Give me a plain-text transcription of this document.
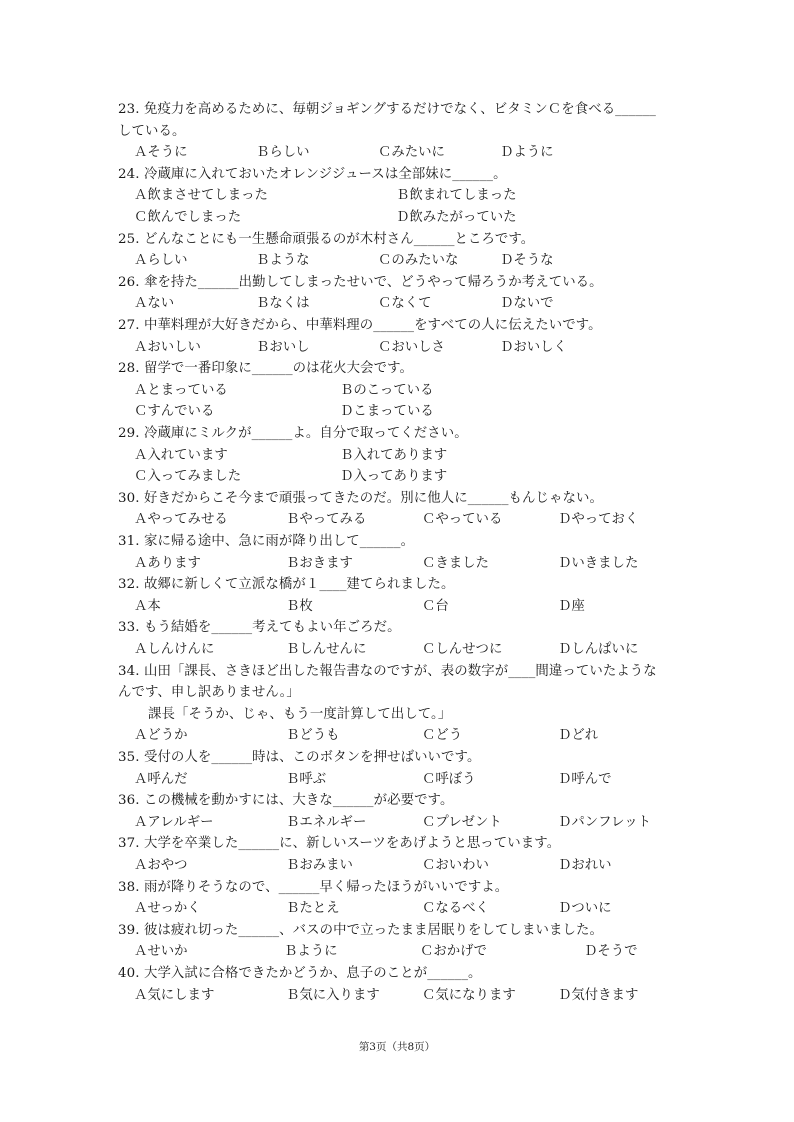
23. 免疫力を高めるために、毎朝ジョギングするだけでなく、ビタミンＣを食べる______
している。
Ａそうに	Ｂらしい	Ｃみたいに	Ｄように
24. 冷蔵庫に入れておいたオレンジジュースは全部妹に______。
Ａ飲まさせてしまった	Ｂ飲まれてしまった
Ｃ飲んでしまった	Ｄ飲みたがっていた
25. どんなことにも一生懸命頑張るのが木村さん______ところです。
Ａらしい	Ｂような	Ｃのみたいな	Ｄそうな
26. 傘を持た______出勤してしまったせいで、どうやって帰ろうか考えている。
Ａない	Ｂなくは	Ｃなくて	Ｄないで
27. 中華料理が大好きだから、中華料理の______をすべての人に伝えたいです。
Ａおいしい	Ｂおいし	Ｃおいしさ	Ｄおいしく
28. 留学で一番印象に______のは花火大会です。
Ａとまっている	Ｂのこっている
Ｃすんでいる	Ｄこまっている
29. 冷蔵庫にミルクが______よ。自分で取ってください。
Ａ入れています	Ｂ入れてあります
Ｃ入ってみました	Ｄ入ってあります
30. 好きだからこそ今まで頑張ってきたのだ。別に他人に______もんじゃない。
Ａやってみせる	Ｂやってみる	Ｃやっている	Ｄやっておく
31. 家に帰る途中、急に雨が降り出して______。
Ａあります	Ｂおきます	Ｃきました	Ｄいきました
32. 故郷に新しくて立派な橋が１____建てられました。
Ａ本	Ｂ枚	Ｃ台	Ｄ座
33. もう結婚を______考えてもよい年ごろだ。
Ａしんけんに	Ｂしんせんに	Ｃしんせつに	Ｄしんぱいに
34. 山田「課長、さきほど出した報告書なのですが、表の数字が____間違っていたような
んです、申し訳ありません。」
課長「そうか、じゃ、もう一度計算して出して。」
Ａどうか	Ｂどうも	Ｃどう	Ｄどれ
35. 受付の人を______時は、このボタンを押せばいいです。
Ａ呼んだ	Ｂ呼ぶ	Ｃ呼ぼう	Ｄ呼んで
36. この機械を動かすには、大きな______が必要です。
Ａアレルギー	Ｂエネルギー	Ｃプレゼント	Ｄパンフレット
37. 大学を卒業した______に、新しいスーツをあげようと思っています。
Ａおやつ	Ｂおみまい	Ｃおいわい	Ｄおれい
38. 雨が降りそうなので、______早く帰ったほうがいいですよ。
Ａせっかく	Ｂたとえ	Ｃなるべく	Ｄついに
39. 彼は疲れ切った______、バスの中で立ったまま居眠りをしてしまいました。
Ａせいか	Ｂように	Ｃおかげで	Ｄそうで
40. 大学入試に合格できたかどうか、息子のことが______。
Ａ気にします	Ｂ気に入ります	Ｃ気になります	Ｄ気付きます
第3页（共8页）
